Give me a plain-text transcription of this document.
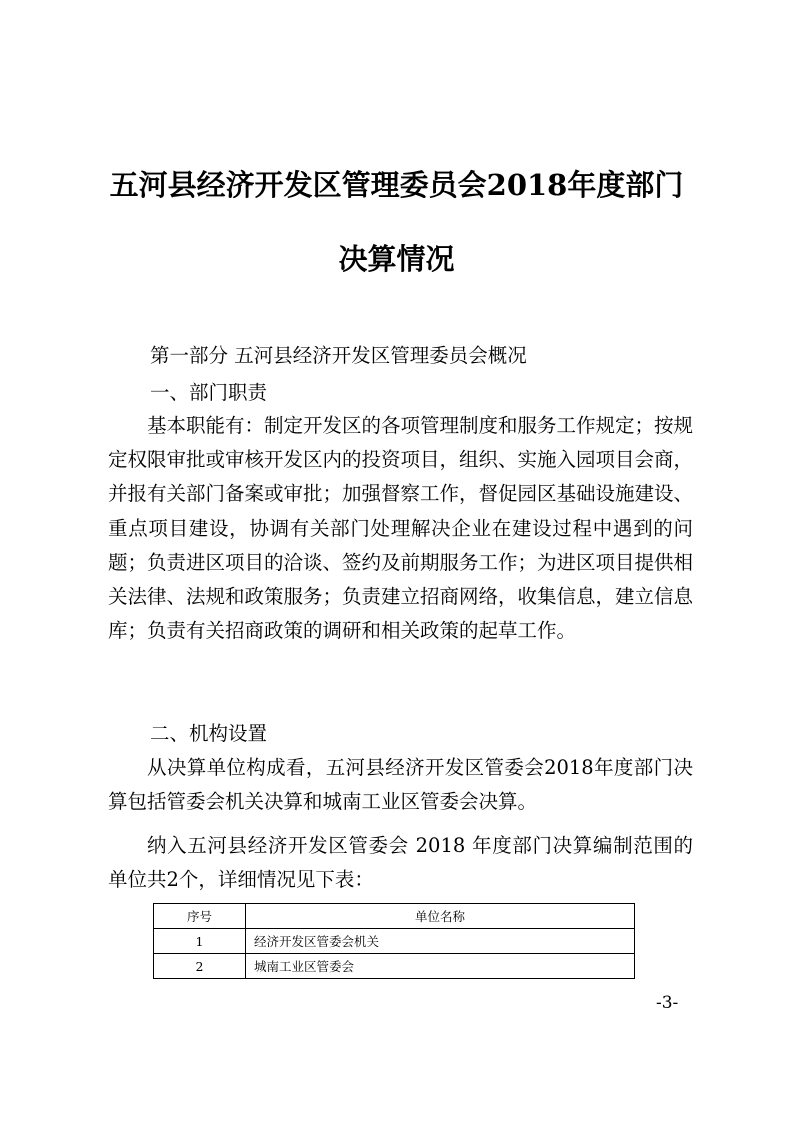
五河县经济开发区管理委员会2018年度部门
决算情况

第一部分 五河县经济开发区管理委员会概况

一、部门职责

基本职能有：制定开发区的各项管理制度和服务工作规定；按规定权限审批或审核开发区内的投资项目，组织、实施入园项目会商，并报有关部门备案或审批；加强督察工作，督促园区基础设施建设、重点项目建设，协调有关部门处理解决企业在建设过程中遇到的问题；负责进区项目的洽谈、签约及前期服务工作；为进区项目提供相关法律、法规和政策服务；负责建立招商网络，收集信息，建立信息库；负责有关招商政策的调研和相关政策的起草工作。

二、机构设置

从决算单位构成看，五河县经济开发区管委会2018年度部门决算包括管委会机关决算和城南工业区管委会决算。

纳入五河县经济开发区管委会 2018 年度部门决算编制范围的单位共2个，详细情况见下表：

序号	单位名称
1	经济开发区管委会机关
2	城南工业区管委会

-3-
